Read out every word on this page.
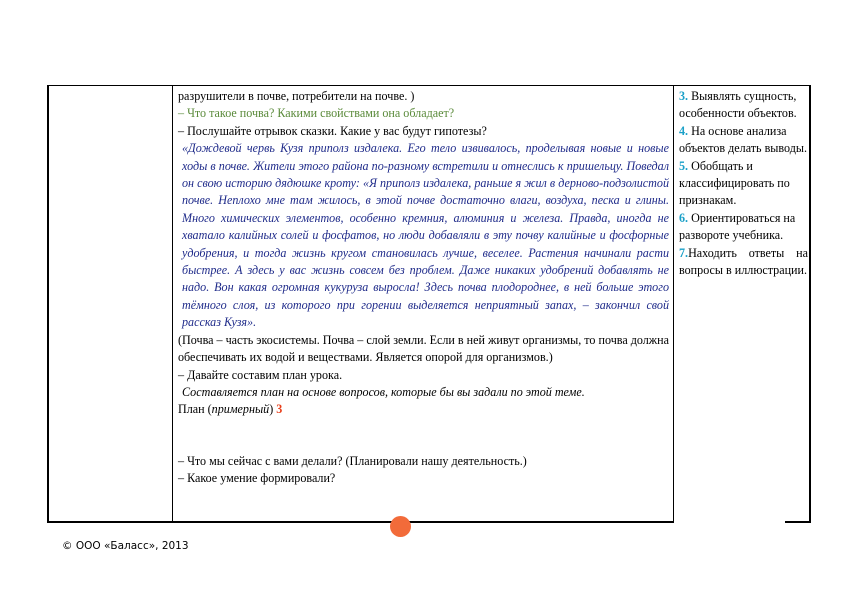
разрушители в почве, потребители на почве. )

– Что такое почва? Какими свойствами она обладает?

– Послушайте отрывок сказки. Какие у вас будут гипотезы?

«Дождевой червь Кузя приполз издалека. Его тело извивалось, проделывая новые и новые ходы в почве. Жители этого района по-разному встретили и отнеслись к пришельцу. Поведал он свою историю дядюшке кроту: «Я приполз издалека, раньше я жил в дерново-подзолистой почве. Неплохо мне там жилось, в этой почве достаточно влаги, воздуха, песка и глины. Много химических элементов, особенно кремния, алюминия и железа. Правда, иногда не хватало калийных солей и фосфатов, но люди добавляли в эту почву калийные и фосфорные удобрения, и тогда жизнь кругом становилась лучше, веселее. Растения начинали расти быстрее. А здесь у вас жизнь совсем без проблем. Даже никаких удобрений добавлять не надо. Вон какая огромная кукуруза выросла! Здесь почва плодороднее, в ней больше этого тёмного слоя, из которого при горении выделяется неприятный запах, – закончил свой рассказ Кузя».

(Почва – часть экосистемы. Почва – слой земли. Если в ней живут организмы, то почва должна обеспечивать их водой и веществами. Является опорой для организмов.)

– Давайте составим план урока.

Составляется план на основе вопросов, которые бы вы задали по этой теме.

План (примерный) 3

– Что мы сейчас с вами делали? (Планировали нашу деятельность.)

– Какое умение формировали?

3. Выявлять сущность, особенности объектов.

4. На основе анализа объектов делать выводы.

5. Обобщать и классифицировать по признакам.

6. Ориентироваться на развороте учебника.

7.Находить ответы на

вопросы в иллюстрации.

© ООО «Баласс», 2013
